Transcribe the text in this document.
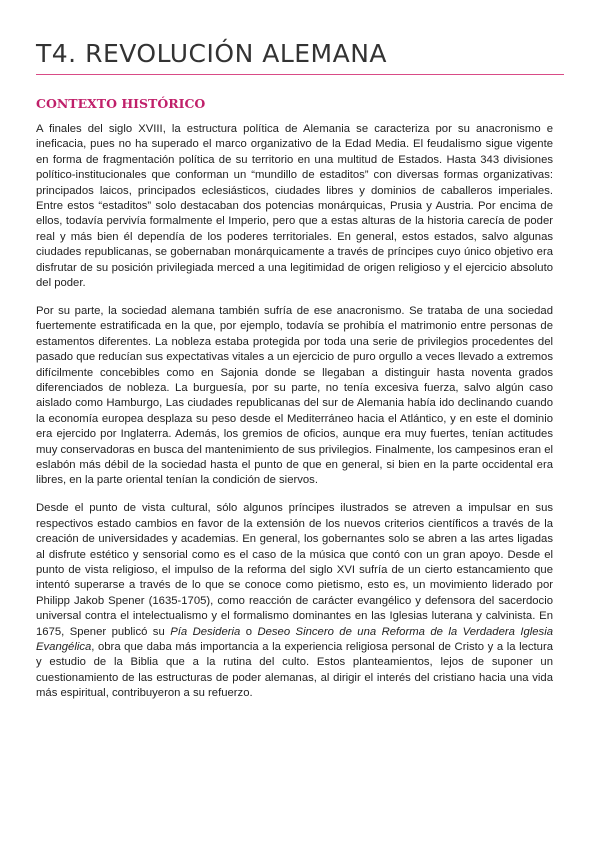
T4. REVOLUCIÓN ALEMANA
CONTEXTO HISTÓRICO

A finales del siglo XVIII, la estructura política de Alemania se caracteriza por su anacronismo e ineficacia, pues no ha superado el marco organizativo de la Edad Media. El feudalismo sigue vigente en forma de fragmentación política de su territorio en una multitud de Estados. Hasta 343 divisiones político-institucionales que conforman un “mundillo de estaditos” con diversas formas organizativas: principados laicos, principados eclesiásticos, ciudades libres y dominios de caballeros imperiales. Entre estos “estaditos” solo destacaban dos potencias monárquicas, Prusia y Austria. Por encima de ellos, todavía pervivía formalmente el Imperio, pero que a estas alturas de la historia carecía de poder real y más bien él dependía de los poderes territoriales. En general, estos estados, salvo algunas ciudades republicanas, se gobernaban monárquicamente a través de príncipes cuyo único objetivo era disfrutar de su posición privilegiada merced a una legitimidad de origen religioso y el ejercicio absoluto del poder.

Por su parte, la sociedad alemana también sufría de ese anacronismo. Se trataba de una sociedad fuertemente estratificada en la que, por ejemplo, todavía se prohibía el matrimonio entre personas de estamentos diferentes. La nobleza estaba protegida por toda una serie de privilegios procedentes del pasado que reducían sus expectativas vitales a un ejercicio de puro orgullo a veces llevado a extremos difícilmente concebibles como en Sajonia donde se llegaban a distinguir hasta noventa grados diferenciados de nobleza. La burguesía, por su parte, no tenía excesiva fuerza, salvo algún caso aislado como Hamburgo, Las ciudades republicanas del sur de Alemania había ido declinando cuando la economía europea desplaza su peso desde el Mediterráneo hacia el Atlántico, y en este el dominio era ejercido por Inglaterra. Además, los gremios de oficios, aunque era muy fuertes, tenían actitudes muy conservadoras en busca del mantenimiento de sus privilegios. Finalmente, los campesinos eran el eslabón más débil de la sociedad hasta el punto de que en general, si bien en la parte occidental era libres, en la parte oriental tenían la condición de siervos.

Desde el punto de vista cultural, sólo algunos príncipes ilustrados se atreven a impulsar en sus respectivos estado cambios en favor de la extensión de los nuevos criterios científicos a través de la creación de universidades y academias. En general, los gobernantes solo se abren a las artes ligadas al disfrute estético y sensorial como es el caso de la música que contó con un gran apoyo. Desde el punto de vista religioso, el impulso de la reforma del siglo XVI sufría de un cierto estancamiento que intentó superarse a través de lo que se conoce como pietismo, esto es, un movimiento liderado por Philipp Jakob Spener (1635-1705), como reacción de carácter evangélico y defensora del sacerdocio universal contra el intelectualismo y el formalismo dominantes en las Iglesias luterana y calvinista. En 1675, Spener publicó su Pía Desideria o Deseo Sincero de una Reforma de la Verdadera Iglesia Evangélica, obra que daba más importancia a la experiencia religiosa personal de Cristo y a la lectura y estudio de la Biblia que a la rutina del culto. Estos planteamientos, lejos de suponer un cuestionamiento de las estructuras de poder alemanas, al dirigir el interés del cristiano hacia una vida más espiritual, contribuyeron a su refuerzo.
